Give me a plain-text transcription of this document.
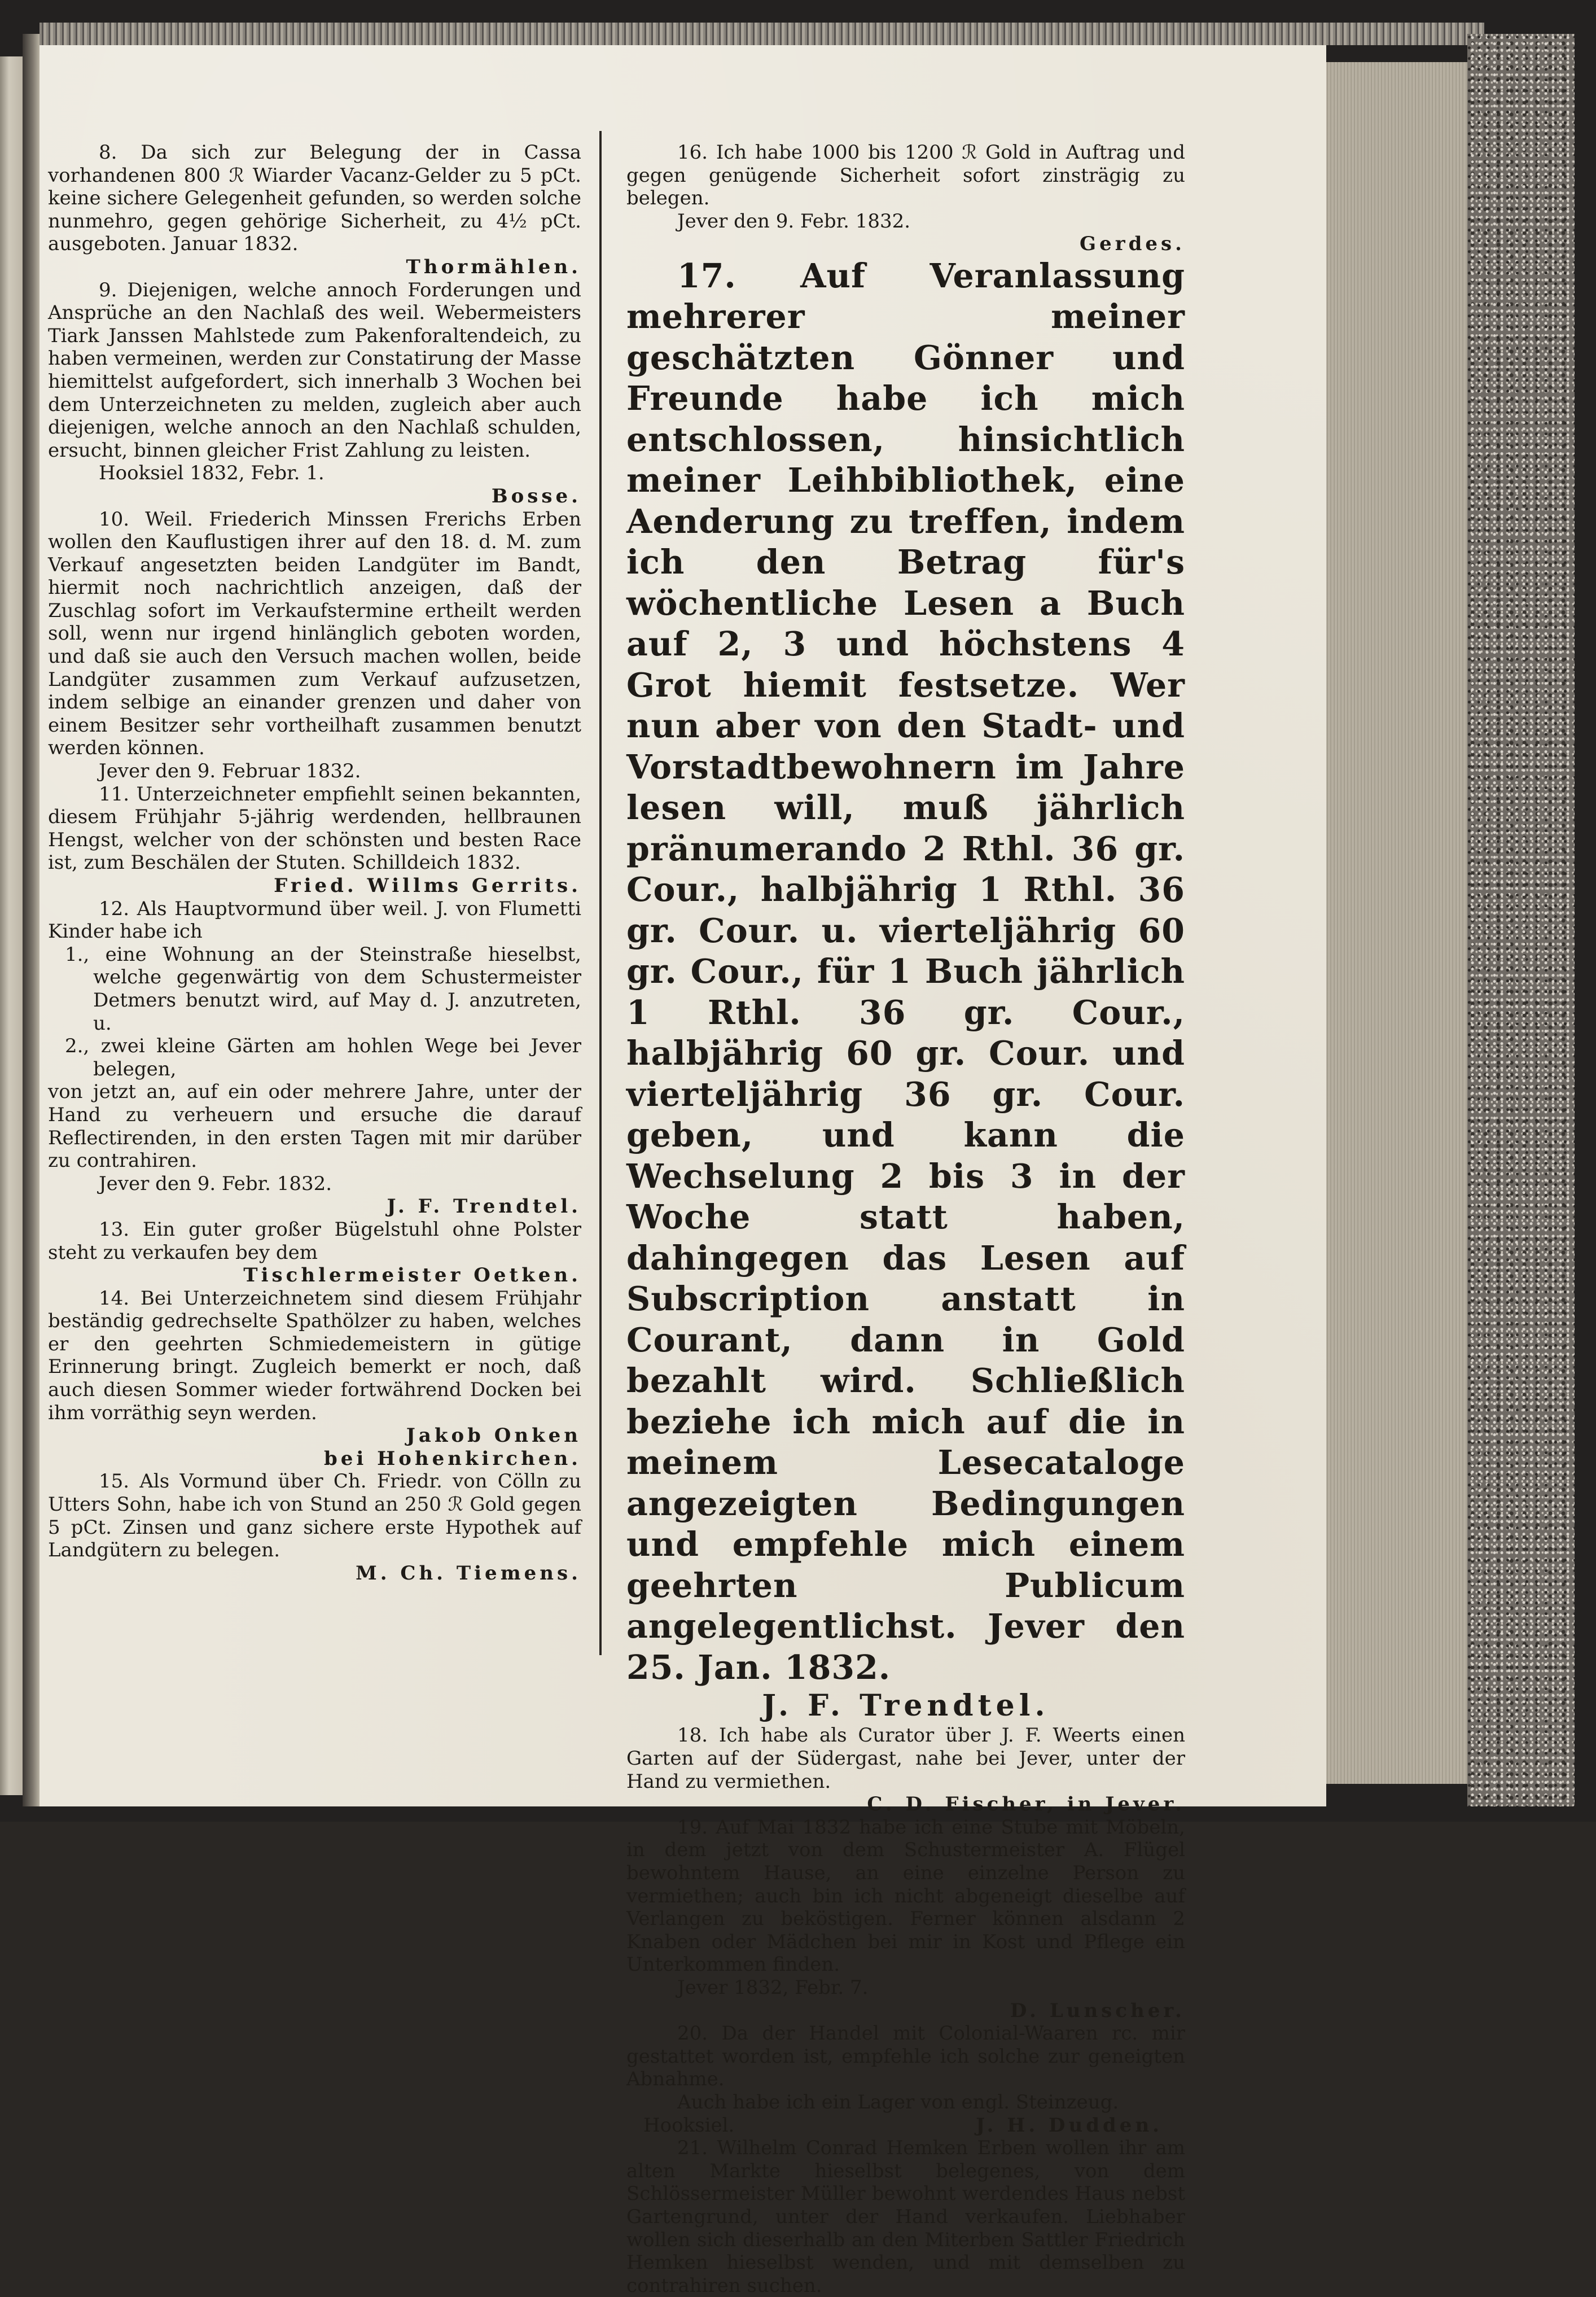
8. Da sich zur Belegung der in Cassa vorhandenen 800 ℛ Wiarder Vacanz-Gelder zu 5 pCt. keine sichere Gelegenheit gefunden, so werden solche nunmehro, gegen gehörige Sicherheit, zu 4½ pCt. ausgeboten. Januar 1832.

Thormählen.

9. Diejenigen, welche annoch Forderungen und Ansprüche an den Nachlaß des weil. Webermeisters Tiark Janssen Mahlstede zum Pakenforaltendeich, zu haben vermeinen, werden zur Constatirung der Masse hiemittelst aufgefordert, sich innerhalb 3 Wochen bei dem Unterzeichneten zu melden, zugleich aber auch diejenigen, welche annoch an den Nachlaß schulden, ersucht, binnen gleicher Frist Zahlung zu leisten.

Hooksiel 1832, Febr. 1.

Bosse.

10. Weil. Friederich Minssen Frerichs Erben wollen den Kauflustigen ihrer auf den 18. d. M. zum Verkauf angesetzten beiden Landgüter im Bandt, hiermit noch nachrichtlich anzeigen, daß der Zuschlag sofort im Verkaufstermine ertheilt werden soll, wenn nur irgend hinlänglich geboten worden, und daß sie auch den Versuch machen wollen, beide Landgüter zusammen zum Verkauf aufzusetzen, indem selbige an einander grenzen und daher von einem Besitzer sehr vortheilhaft zusammen benutzt werden können.

Jever den 9. Februar 1832.

11. Unterzeichneter empfiehlt seinen bekannten, diesem Frühjahr 5-jährig werdenden, hellbraunen Hengst, welcher von der schönsten und besten Race ist, zum Beschälen der Stuten. Schilldeich 1832.

Fried. Willms Gerrits.

12. Als Hauptvormund über weil. J. von Flumetti Kinder habe ich

1., eine Wohnung an der Steinstraße hieselbst, welche gegenwärtig von dem Schustermeister Detmers benutzt wird, auf May d. J. anzutreten, u.

2., zwei kleine Gärten am hohlen Wege bei Jever belegen,

von jetzt an, auf ein oder mehrere Jahre, unter der Hand zu verheuern und ersuche die darauf Reflectirenden, in den ersten Tagen mit mir darüber zu contrahiren.

Jever den 9. Febr. 1832.

J. F. Trendtel.

13. Ein guter großer Bügelstuhl ohne Polster steht zu verkaufen bey dem

Tischlermeister Oetken.

14. Bei Unterzeichnetem sind diesem Frühjahr beständig gedrechselte Spathölzer zu haben, welches er den geehrten Schmiedemeistern in gütige Erinnerung bringt. Zugleich bemerkt er noch, daß auch diesen Sommer wieder fortwährend Docken bei ihm vorräthig seyn werden.

Jakob Onken

bei Hohenkirchen.

15. Als Vormund über Ch. Friedr. von Cölln zu Utters Sohn, habe ich von Stund an 250 ℛ Gold gegen 5 pCt. Zinsen und ganz sichere erste Hypothek auf Landgütern zu belegen.

M. Ch. Tiemens.

16. Ich habe 1000 bis 1200 ℛ Gold in Auftrag und gegen genügende Sicherheit sofort zinsträgig zu belegen.

Jever den 9. Febr. 1832.

Gerdes.

17. Auf Veranlassung mehrerer meiner geschätzten Gönner und Freunde habe ich mich entschlossen, hinsichtlich meiner Leihbibliothek, eine Aenderung zu treffen, indem ich den Betrag für's wöchentliche Lesen a Buch auf 2, 3 und höchstens 4 Grot hiemit festsetze. Wer nun aber von den Stadt- und Vorstadtbewohnern im Jahre lesen will, muß jährlich pränumerando 2 Rthl. 36 gr. Cour., halbjährig 1 Rthl. 36 gr. Cour. u. vierteljährig 60 gr. Cour., für 1 Buch jährlich 1 Rthl. 36 gr. Cour., halbjährig 60 gr. Cour. und vierteljährig 36 gr. Cour. geben, und kann die Wechselung 2 bis 3 in der Woche statt haben, dahingegen das Lesen auf Subscription anstatt in Courant, dann in Gold bezahlt wird. Schließlich beziehe ich mich auf die in meinem Lesecataloge angezeigten Bedingungen und empfehle mich einem geehrten Publicum angelegentlichst. Jever den 25. Jan. 1832.

J. F. Trendtel.

18. Ich habe als Curator über J. F. Weerts einen Garten auf der Südergast, nahe bei Jever, unter der Hand zu vermiethen.

C. D. Fischer, in Jever.

19. Auf Mai 1832 habe ich eine Stube mit Möbeln, in dem jetzt von dem Schustermeister A. Flügel bewohntem Hause, an eine einzelne Person zu vermiethen; auch bin ich nicht abgeneigt dieselbe auf Verlangen zu beköstigen. Ferner können alsdann 2 Knaben oder Mädchen bei mir in Kost und Pflege ein Unterkommen finden.

Jever 1832, Febr. 7.

D. Lunscher.

20. Da der Handel mit Colonial-Waaren rc. mir gestattet worden ist, empfehle ich solche zur geneigten Abnahme.

Auch habe ich ein Lager von engl. Steinzeug.

Hooksiel.	J. H. Dudden.

21. Wilhelm Conrad Hemken Erben wollen ihr am alten Markte hieselbst belegenes, von dem Schlössermeister Müller bewohnt werdendes Haus nebst Gartengrund, unter der Hand verkaufen. Liebhaber wollen sich dieserhalb an den Miterben Sattler Friedrich Hemken hieselbst wenden, und mit demselben zu contrahiren suchen.
